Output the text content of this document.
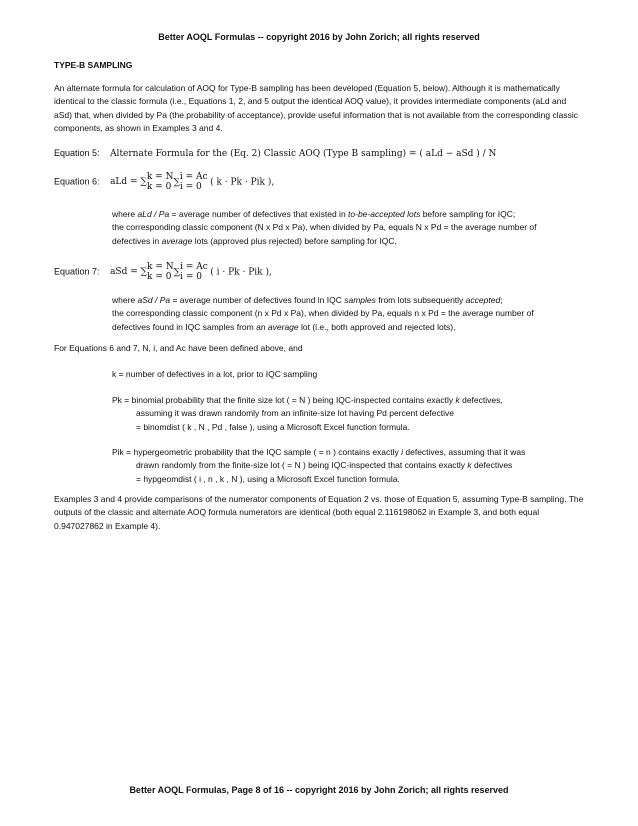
Better AOQL Formulas -- copyright 2016 by John Zorich; all rights reserved
TYPE-B SAMPLING
An alternate formula for calculation of AOQ for Type-B sampling has been developed (Equation 5, below). Although it is mathematically identical to the classic formula (i.e., Equations 1, 2, and 5 output the identical AOQ value), it provides intermediate components (aLd and aSd) that, when divided by Pa (the probability of acceptance), provide useful information that is not available from the corresponding classic components, as shown in Examples 3 and 4.
Equation 5: Alternate Formula for the (Eq. 2) Classic AOQ (Type B sampling) = ( aLd − aSd ) / N
Equation 6: aLd = ∑
k = N
k = 0 ∑
i = Ac
i = 0 ( k · Pk · Pik ),
where aLd / Pa = average number of defectives that existed in to-be-accepted lots before sampling for IQC;
the corresponding classic component (N x Pd x Pa), when divided by Pa, equals N x Pd = the average number of
defectives in average lots (approved plus rejected) before sampling for IQC,
Equation 7: aSd = ∑
k = N
k = 0 ∑
i = Ac
i = 0 ( i · Pk · Pik ),
where aSd / Pa = average number of defectives found in IQC samples from lots subsequently accepted;
the corresponding classic component (n x Pd x Pa), when divided by Pa, equals n x Pd = the average number of
defectives found in IQC samples from an average lot (i.e., both approved and rejected lots),
For Equations 6 and 7, N, i, and Ac have been defined above, and
k = number of defectives in a lot, prior to IQC sampling
Pk = binomial probability that the finite size lot ( = N ) being IQC-inspected contains exactly k defectives,
assuming it was drawn randomly from an infinite-size lot having Pd percent defective
= binomdist ( k , N , Pd , false ), using a Microsoft Excel function formula.
Pik = hypergeometric probability that the IQC sample ( = n ) contains exactly i defectives, assuming that it was
drawn randomly from the finite-size lot ( = N ) being IQC-inspected that contains exactly k defectives
= hypgeomdist ( i , n , k , N ), using a Microsoft Excel function formula.
Examples 3 and 4 provide comparisons of the numerator components of Equation 2 vs. those of Equation 5, assuming Type-B sampling. The outputs of the classic and alternate AOQ formula numerators are identical (both equal 2.116198062 in Example 3, and both equal 0.947027862 in Example 4).
Better AOQL Formulas, Page 8 of 16 -- copyright 2016 by John Zorich; all rights reserved
